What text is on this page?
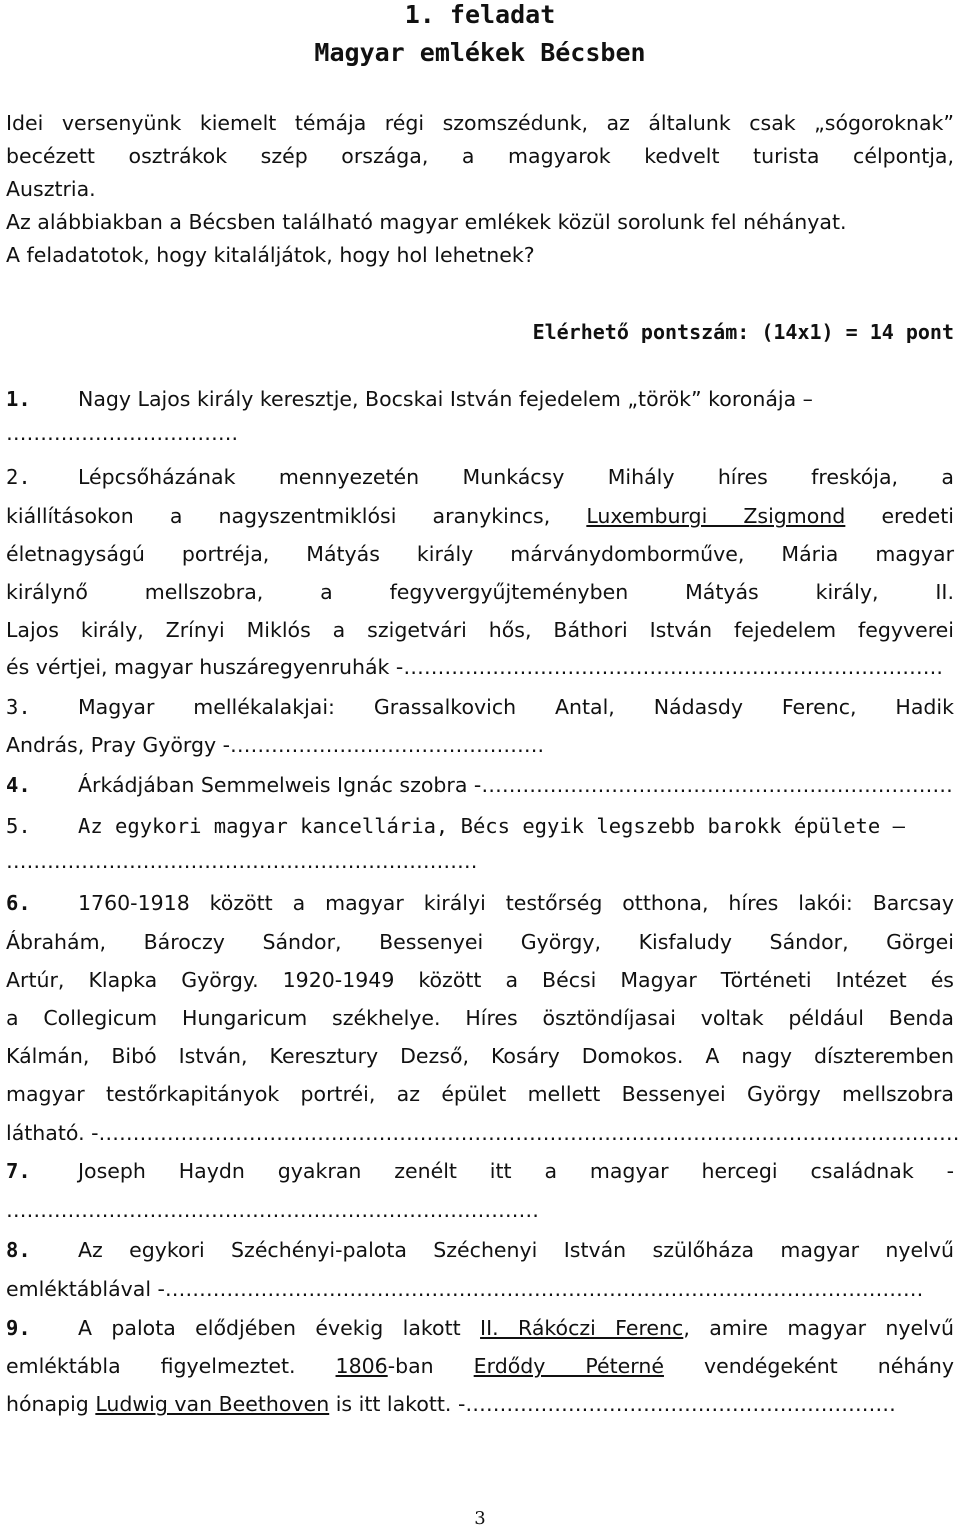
1. feladat
Magyar emlékek Bécsben
Idei versenyünk kiemelt témája régi szomszédunk, az általunk csak „sógoroknak”
becézett osztrákok szép országa, a magyarok kedvelt turista célpontja,
Ausztria.
Az alábbiakban a Bécsben található magyar emlékek közül sorolunk fel néhányat.
A feladatotok, hogy kitaláljátok, hogy hol lehetnek?
Elérhető pontszám: (14x1) = 14 pont
1. Nagy Lajos király keresztje, Bocskai István fejedelem „török” koronája –
…………………………….
2. Lépcsőházának mennyezetén Munkácsy Mihály híres freskója, a
kiállításokon a nagyszentmiklósi aranykincs, Luxemburgi Zsigmond eredeti
életnagyságú portréja, Mátyás király márványdomborműve, Mária magyar
királynő mellszobra, a fegyvergyűjteményben Mátyás király, II.
Lajos király, Zrínyi Miklós a szigetvári hős, Báthori István fejedelem fegyverei
és vértjei, magyar huszáregyenruhák -…………………………………………………………………….
3. Magyar mellékalakjai: Grassalkovich Antal, Nádasdy Ferenc, Hadik
András, Pray György -……………………………………….
4. Árkádjában Semmelweis Ignác szobra -……………………………………………………………
5. Az egykori magyar kancellária, Bécs egyik legszebb barokk épülete –
……………………………………………………………
6. 1760-1918 között a magyar királyi testőrség otthona, híres lakói: Barcsay
Ábrahám, Bároczy Sándor, Bessenyei György, Kisfaludy Sándor, Görgei
Artúr, Klapka György. 1920-1949 között a Bécsi Magyar Történeti Intézet és
a Collegicum Hungaricum székhelye. Híres ösztöndíjasai voltak például Benda
Kálmán, Bibó István, Keresztury Dezső, Kosáry Domokos. A nagy díszteremben
magyar testőrkapitányok portréi, az épület mellett Bessenyei György mellszobra
látható. -………………………………………………………………………………………………………………
7. Joseph Haydn gyakran zenélt itt a magyar hercegi családnak -
……………………………………………………………………
8. Az egykori Széchényi-palota Széchenyi István szülőháza magyar nyelvű
emléktáblával -…………………………………………………………………………………………………
9. A palota elődjében évekig lakott II. Rákóczi Ferenc, amire magyar nyelvű
emléktábla figyelmeztet. 1806-ban Erdődy Péterné vendégeként néhány
hónapig Ludwig van Beethoven is itt lakott. -………………………………………………………
3
